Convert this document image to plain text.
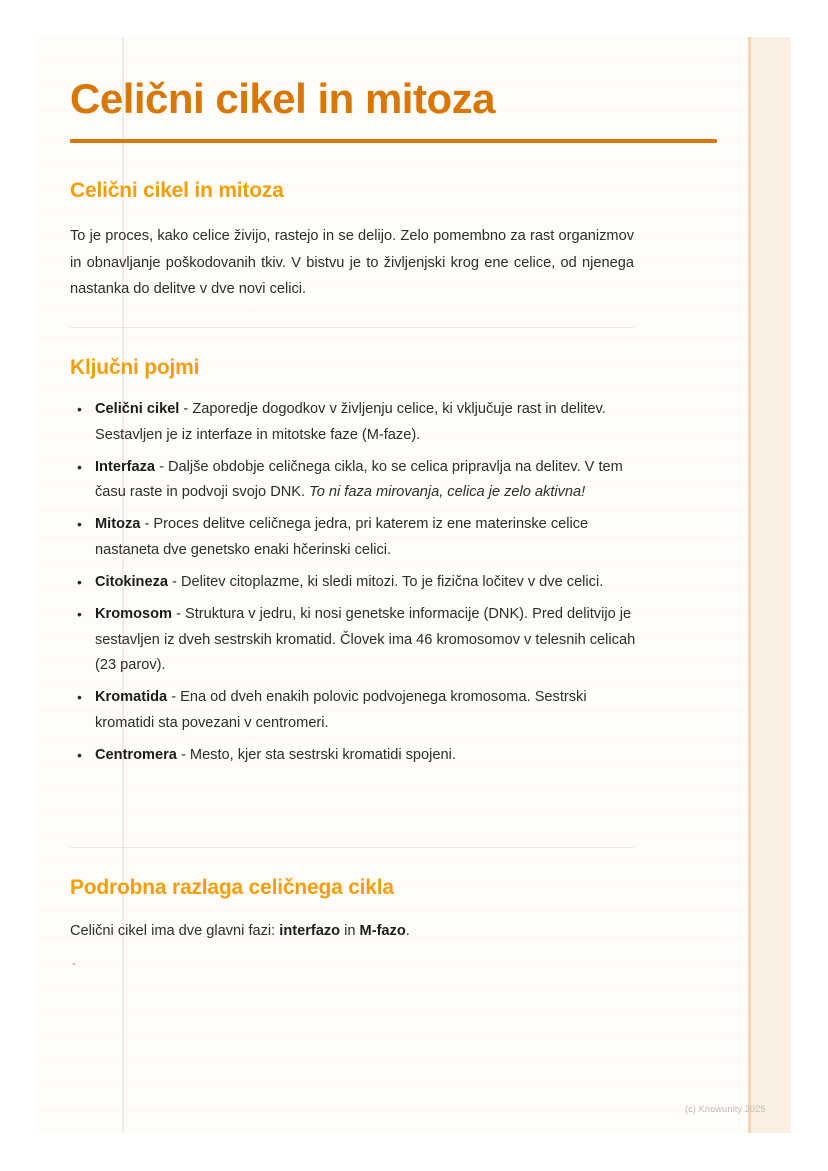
Celični cikel in mitoza
Celični cikel in mitoza

To je proces, kako celice živijo, rastejo in se delijo. Zelo pomembno za rast organizmov in obnavljanje poškodovanih tkiv. V bistvu je to življenjski krog ene celice, od njenega nastanka do delitve v dve novi celici.

Ključni pojmi
• Celični cikel - Zaporedje dogodkov v življenju celice, ki vključuje rast in delitev. Sestavljen je iz interfaze in mitotske faze (M-faze).
• Interfaza - Daljše obdobje celičnega cikla, ko se celica pripravlja na delitev. V tem času raste in podvoji svojo DNK. To ni faza mirovanja, celica je zelo aktivna!
• Mitoza - Proces delitve celičnega jedra, pri katerem iz ene materinske celice nastaneta dve genetsko enaki hčerinski celici.
• Citokineza - Delitev citoplazme, ki sledi mitozi. To je fizična ločitev v dve celici.
• Kromosom - Struktura v jedru, ki nosi genetske informacije (DNK). Pred delitvijo je sestavljen iz dveh sestrskih kromatid. Človek ima 46 kromosomov v telesnih celicah (23 parov).
• Kromatida - Ena od dveh enakih polovic podvojenega kromosoma. Sestrski kromatidi sta povezani v centromeri.
• Centromera - Mesto, kjer sta sestrski kromatidi spojeni.
Podrobna razlaga celičnega cikla

Celični cikel ima dve glavni fazi: interfazo in M-fazo.

`
(c) Knowunity 2025
